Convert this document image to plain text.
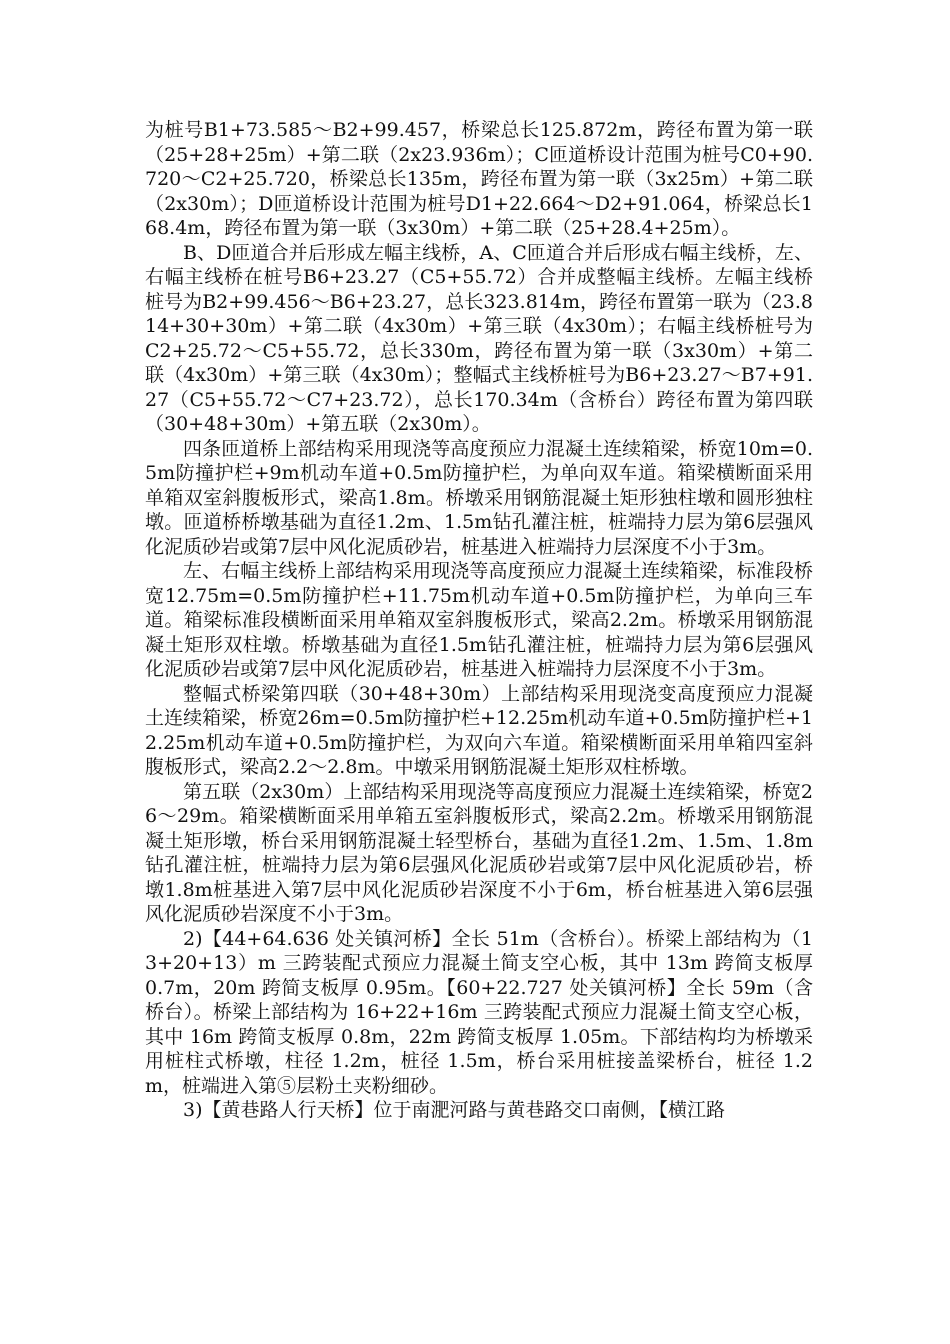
为桩号B1+73.585～B2+99.457，桥梁总长125.872m，跨径布置为第一联（25+28+25m）+第二联（2x23.936m）；C匝道桥设计范围为桩号C0+90.720～C2+25.720，桥梁总长135m，跨径布置为第一联（3x25m）+第二联（2x30m）；D匝道桥设计范围为桩号D1+22.664～D2+91.064，桥梁总长168.4m，跨径布置为第一联（3x30m）+第二联（25+28.4+25m）。

B、D匝道合并后形成左幅主线桥，A、C匝道合并后形成右幅主线桥，左、右幅主线桥在桩号B6+23.27（C5+55.72）合并成整幅主线桥。左幅主线桥桩号为B2+99.456～B6+23.27，总长323.814m，跨径布置第一联为（23.814+30+30m）+第二联（4x30m）+第三联（4x30m）；右幅主线桥桩号为C2+25.72～C5+55.72，总长330m，跨径布置为第一联（3x30m）+第二联（4x30m）+第三联（4x30m）；整幅式主线桥桩号为B6+23.27～B7+91.27（C5+55.72～C7+23.72），总长170.34m（含桥台）跨径布置为第四联（30+48+30m）+第五联（2x30m）。

四条匝道桥上部结构采用现浇等高度预应力混凝土连续箱梁，桥宽10m=0.5m防撞护栏+9m机动车道+0.5m防撞护栏，为单向双车道。箱梁横断面采用单箱双室斜腹板形式，梁高1.8m。桥墩采用钢筋混凝土矩形独柱墩和圆形独柱墩。匝道桥桥墩基础为直径1.2m、1.5m钻孔灌注桩，桩端持力层为第6层强风化泥质砂岩或第7层中风化泥质砂岩，桩基进入桩端持力层深度不小于3m。

左、右幅主线桥上部结构采用现浇等高度预应力混凝土连续箱梁，标准段桥宽12.75m=0.5m防撞护栏+11.75m机动车道+0.5m防撞护栏，为单向三车道。箱梁标准段横断面采用单箱双室斜腹板形式，梁高2.2m。桥墩采用钢筋混凝土矩形双柱墩。桥墩基础为直径1.5m钻孔灌注桩，桩端持力层为第6层强风化泥质砂岩或第7层中风化泥质砂岩，桩基进入桩端持力层深度不小于3m。

整幅式桥梁第四联（30+48+30m）上部结构采用现浇变高度预应力混凝土连续箱梁，桥宽26m=0.5m防撞护栏+12.25m机动车道+0.5m防撞护栏+12.25m机动车道+0.5m防撞护栏，为双向六车道。箱梁横断面采用单箱四室斜腹板形式，梁高2.2～2.8m。中墩采用钢筋混凝土矩形双柱桥墩。

第五联（2x30m）上部结构采用现浇等高度预应力混凝土连续箱梁，桥宽26～29m。箱梁横断面采用单箱五室斜腹板形式，梁高2.2m。桥墩采用钢筋混凝土矩形墩，桥台采用钢筋混凝土轻型桥台，基础为直径1.2m、1.5m、1.8m钻孔灌注桩，桩端持力层为第6层强风化泥质砂岩或第7层中风化泥质砂岩，桥墩1.8m桩基进入第7层中风化泥质砂岩深度不小于6m，桥台桩基进入第6层强风化泥质砂岩深度不小于3m。

2)【44+64.636 处关镇河桥】全长 51m（含桥台）。桥梁上部结构为（13+20+13）m 三跨装配式预应力混凝土简支空心板，其中 13m 跨简支板厚 0.7m，20m 跨简支板厚 0.95m。【60+22.727 处关镇河桥】全长 59m（含桥台）。桥梁上部结构为 16+22+16m 三跨装配式预应力混凝土简支空心板，其中 16m 跨简支板厚 0.8m，22m 跨简支板厚 1.05m。下部结构均为桥墩采用桩柱式桥墩，柱径 1.2m，桩径 1.5m，桥台采用桩接盖梁桥台，桩径 1.2m，桩端进入第⑤层粉土夹粉细砂。

3)【黄巷路人行天桥】位于南淝河路与黄巷路交口南侧，【横江路
